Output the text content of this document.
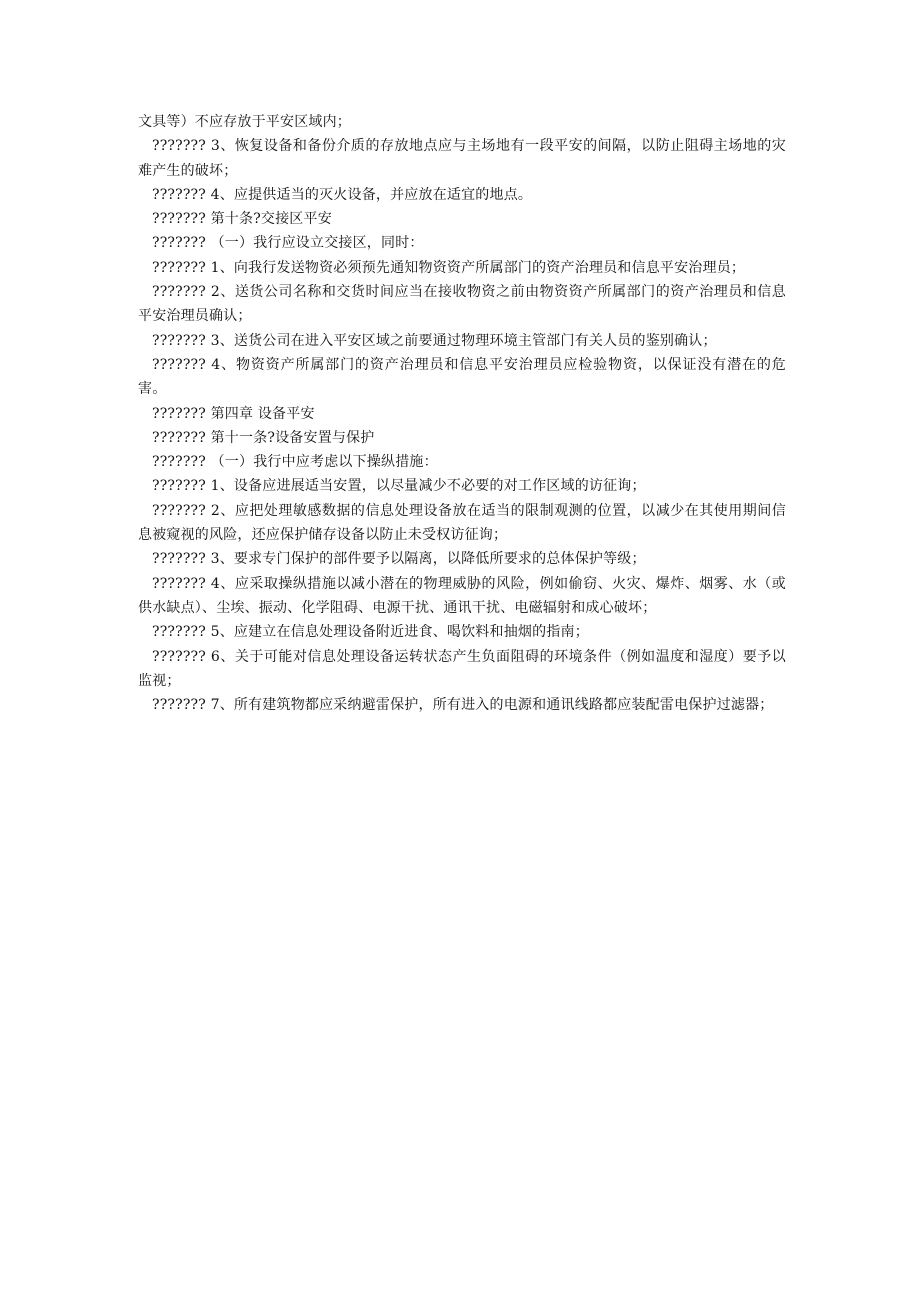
文具等）不应存放于平安区域内；

??????? 3、恢复设备和备份介质的存放地点应与主场地有一段平安的间隔，以防止阻碍主场地的灾难产生的破坏；

??????? 4、应提供适当的灭火设备，并应放在适宜的地点。

??????? 第十条?交接区平安

??????? （一）我行应设立交接区，同时：

??????? 1、向我行发送物资必须预先通知物资资产所属部门的资产治理员和信息平安治理员；

??????? 2、送货公司名称和交货时间应当在接收物资之前由物资资产所属部门的资产治理员和信息平安治理员确认；

??????? 3、送货公司在进入平安区域之前要通过物理环境主管部门有关人员的鉴别确认；

??????? 4、物资资产所属部门的资产治理员和信息平安治理员应检验物资，以保证没有潜在的危害。

??????? 第四章 设备平安

??????? 第十一条?设备安置与保护

??????? （一）我行中应考虑以下操纵措施：

??????? 1、设备应进展适当安置，以尽量减少不必要的对工作区域的访征询；

??????? 2、应把处理敏感数据的信息处理设备放在适当的限制观测的位置，以减少在其使用期间信息被窥视的风险，还应保护储存设备以防止未受权访征询；

??????? 3、要求专门保护的部件要予以隔离，以降低所要求的总体保护等级；

??????? 4、应采取操纵措施以减小潜在的物理威胁的风险，例如偷窃、火灾、爆炸、烟雾、水（或供水缺点）、尘埃、振动、化学阻碍、电源干扰、通讯干扰、电磁辐射和成心破坏；

??????? 5、应建立在信息处理设备附近进食、喝饮料和抽烟的指南；

??????? 6、关于可能对信息处理设备运转状态产生负面阻碍的环境条件（例如温度和湿度）要予以监视；

??????? 7、所有建筑物都应采纳避雷保护，所有进入的电源和通讯线路都应装配雷电保护过滤器；
